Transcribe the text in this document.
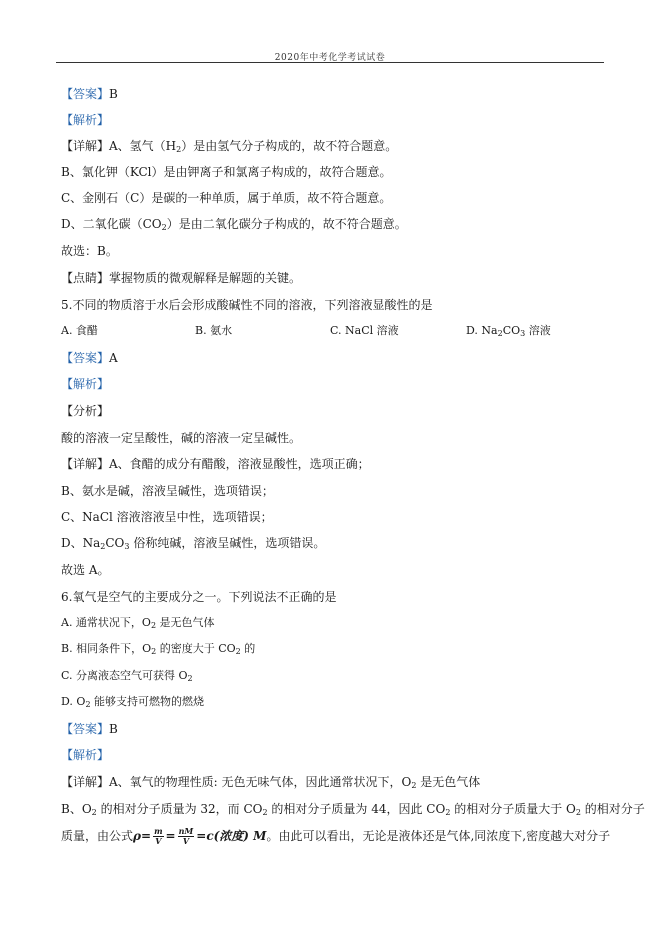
2020年中考化学考试试卷
【答案】B
【解析】
【详解】A、氢气$(H_2)$是由氢气分子构成的，故不符合题意。
B、氯化钾（KCl）是由钾离子和氯离子构成的，故符合题意。
C、金刚石（C）是碳的一种单质，属于单质，故不符合题意。
D、二氧化碳$(CO_2)$是由二氧化碳分子构成的，故不符合题意。
故选：B。
【点睛】掌握物质的微观解释是解题的关键。
5.不同的物质溶于水后会形成酸碱性不同的溶液，下列溶液显酸性的是
A. 食醋	B. 氨水	C. NaCl 溶液	D. $Na_2CO_3$ 溶液
【答案】A
【解析】
【分析】
酸的溶液一定呈酸性，碱的溶液一定呈碱性。
【详解】A、食醋的成分有醋酸，溶液显酸性，选项正确；
B、氨水是碱，溶液呈碱性，选项错误；
C、NaCl 溶液溶液呈中性，选项错误；
D、$Na_2CO_3$ 俗称纯碱，溶液呈碱性，选项错误。
故选 A。
6.氧气是空气的主要成分之一。下列说法不正确的是
A. 通常状况下，$O_2$ 是无色气体
B. 相同条件下，$O_2$ 的密度大于 $CO_2$ 的
C. 分离液态空气可获得 $O_2$
D. $O_2$ 能够支持可燃物的燃烧
【答案】B
【解析】
【详解】A、氧气的物理性质: 无色无味气体，因此通常状况下，$O_2$ 是无色气体
B、$O_2$ 的相对分子质量为 32，而 $CO_2$ 的相对分子质量为 44，因此 $CO_2$ 的相对分子质量大于 $O_2$ 的相对分子
质量，由公式$\rho= \frac{m}{V} = \frac{nM}{V} =c$(浓度) M。由此可以看出，无论是液体还是气体,同浓度下,密度越大对分子
